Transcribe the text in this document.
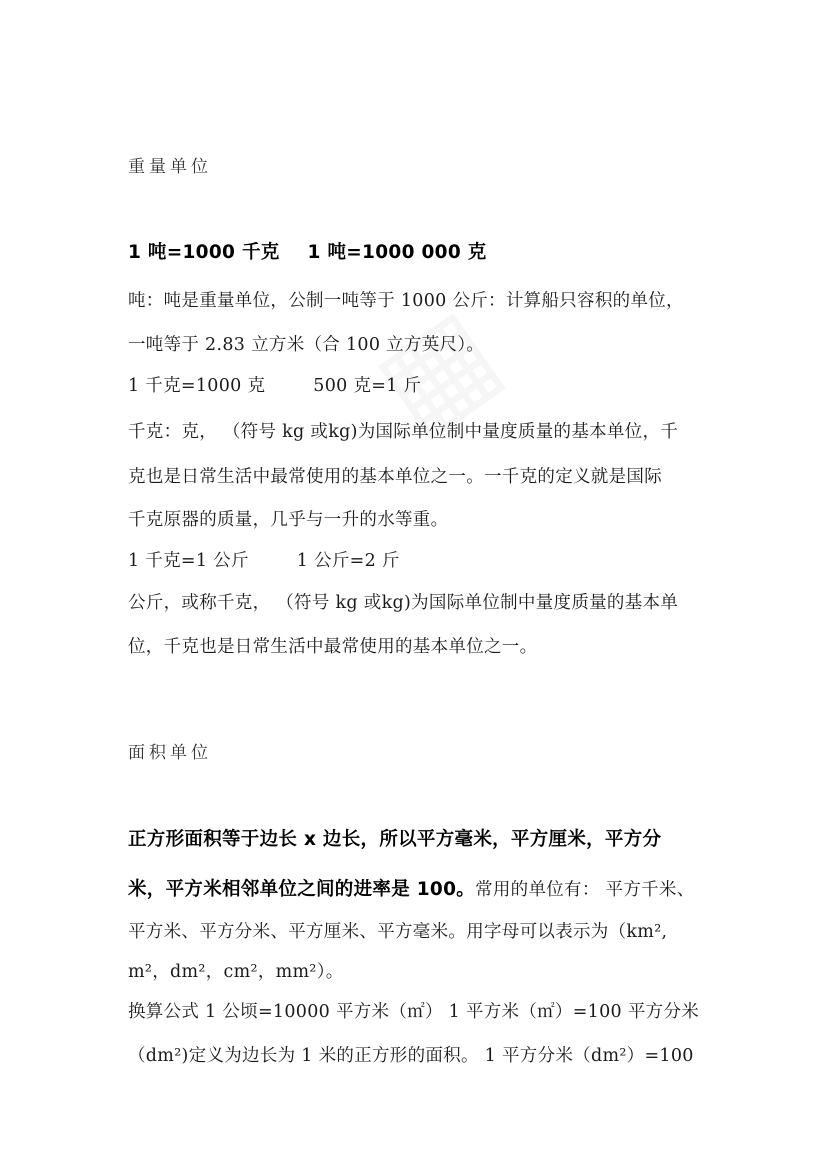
重量单位
1 吨=1000 千克 1 吨=1000 000 克
吨：吨是重量单位，公制一吨等于 1000 公斤：计算船只容积的单位，
一吨等于 2.83 立方米（合 100 立方英尺）。
1 千克=1000 克	500 克=1 斤
千克：克， （符号 kg 或kg)为国际单位制中量度质量的基本单位，千
克也是日常生活中最常使用的基本单位之一。一千克的定义就是国际
千克原器的质量，几乎与一升的水等重。
1 千克=1 公斤	1 公斤=2 斤
公斤，或称千克， （符号 kg 或kg)为国际单位制中量度质量的基本单
位，千克也是日常生活中最常使用的基本单位之一。
面积单位
正方形面积等于边长 x 边长，所以平方毫米，平方厘米，平方分
米，平方米相邻单位之间的进率是 100。常用的单位有： 平方千米、
平方米、平方分米、平方厘米、平方毫米。用字母可以表示为（km²,
m²，dm²，cm²，mm²）。
换算公式 1 公顷=10000 平方米（㎡） 1 平方米（㎡）=100 平方分米
（dm²)定义为边长为 1 米的正方形的面积。 1 平方分米（dm²）=100
